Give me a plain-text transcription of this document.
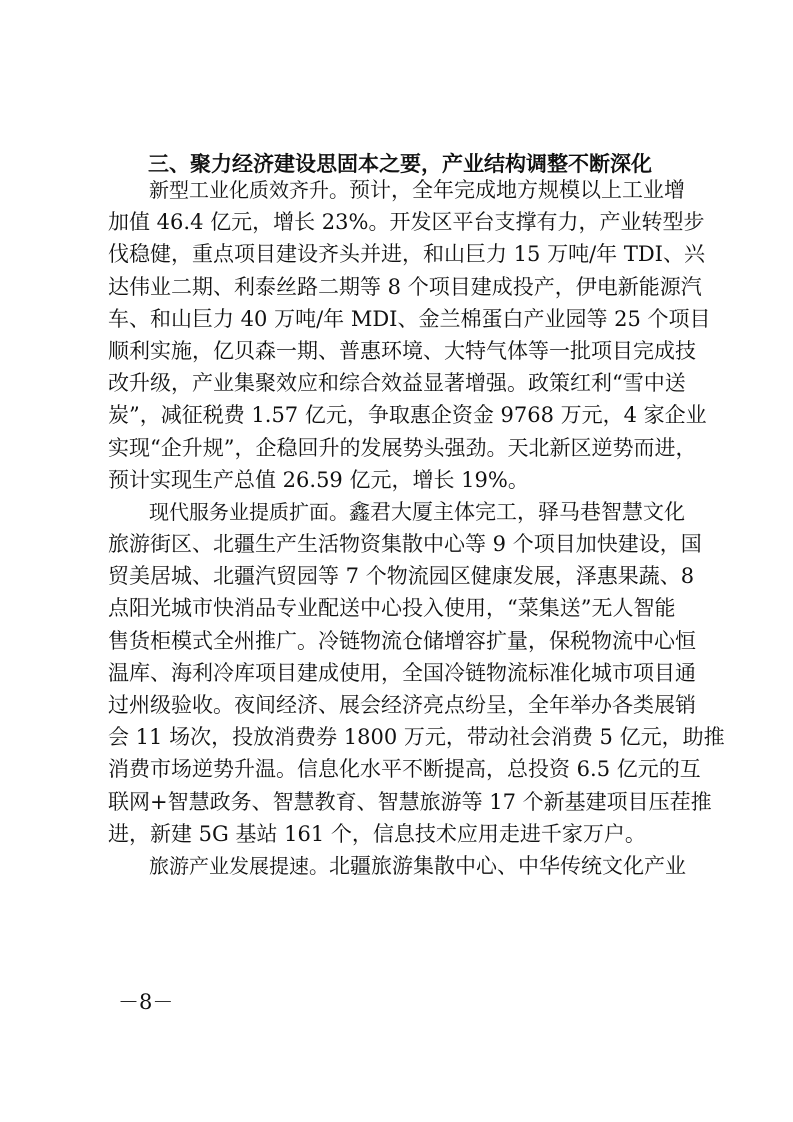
三、聚力经济建设思固本之要，产业结构调整不断深化
新型工业化质效齐升。预计，全年完成地方规模以上工业增
加值 46.4 亿元，增长 23%。开发区平台支撑有力，产业转型步
伐稳健，重点项目建设齐头并进，和山巨力 15 万吨/年 TDI、兴
达伟业二期、利泰丝路二期等 8 个项目建成投产，伊电新能源汽
车、和山巨力 40 万吨/年 MDI、金兰棉蛋白产业园等 25 个项目
顺利实施，亿贝森一期、普惠环境、大特气体等一批项目完成技
改升级，产业集聚效应和综合效益显著增强。政策红利“雪中送
炭”，减征税费 1.57 亿元，争取惠企资金 9768 万元，4 家企业
实现“企升规”，企稳回升的发展势头强劲。天北新区逆势而进，
预计实现生产总值 26.59 亿元，增长 19%。
现代服务业提质扩面。鑫君大厦主体完工，驿马巷智慧文化
旅游街区、北疆生产生活物资集散中心等 9 个项目加快建设，国
贸美居城、北疆汽贸园等 7 个物流园区健康发展，泽惠果蔬、8
点阳光城市快消品专业配送中心投入使用，“菜集送”无人智能
售货柜模式全州推广。冷链物流仓储增容扩量，保税物流中心恒
温库、海利冷库项目建成使用，全国冷链物流标准化城市项目通
过州级验收。夜间经济、展会经济亮点纷呈，全年举办各类展销
会 11 场次，投放消费券 1800 万元，带动社会消费 5 亿元，助推
消费市场逆势升温。信息化水平不断提高，总投资 6.5 亿元的互
联网+智慧政务、智慧教育、智慧旅游等 17 个新基建项目压茬推
进，新建 5G 基站 161 个，信息技术应用走进千家万户。
旅游产业发展提速。北疆旅游集散中心、中华传统文化产业
－8－
